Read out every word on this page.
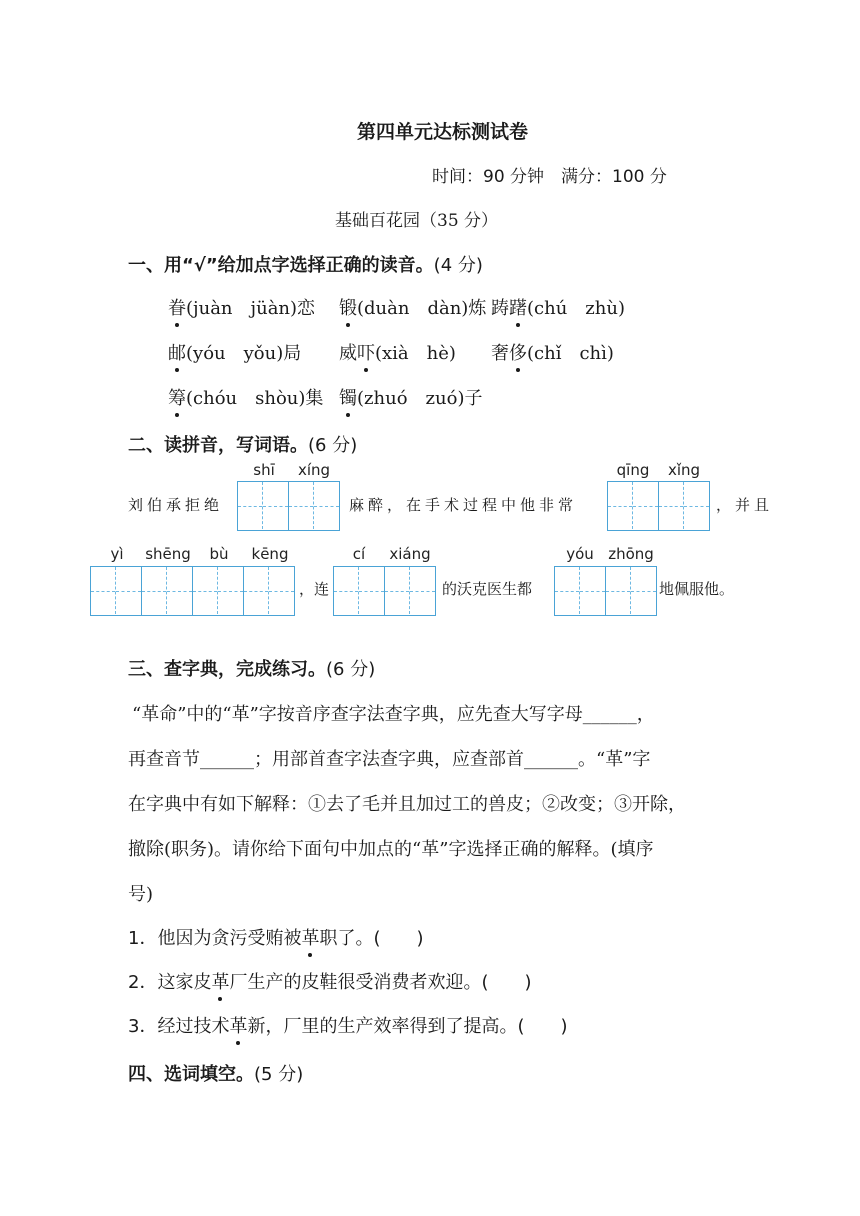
第四单元达标测试卷
时间：90 分钟　满分：100 分
基础百花园（35 分）
一、用“√”给加点字选择正确的读音。(4 分)
眷(juàn　jüàn)恋 锻(duàn　dàn)炼 踌躇(chú　zhù)
邮(yóu　yǒu)局 威吓(xià　hè) 奢侈(chǐ　chì)
筹(chóu　shòu)集 镯(zhuó　zuó)子
二、读拼音，写词语。(6 分)
shī	xíng	qīng	xǐng
刘伯承拒绝	麻醉，在手术过程中他非常	，并且
yì	shēng	bù	kēng	cí	xiáng	yóu zhōng
，连	的沃克医生都	地佩服他。
三、查字典，完成练习。(6 分)
“革命”中的“革”字按音序查字法查字典，应先查大写字母______，
再查音节______；用部首查字法查字典，应查部首______。“革”字
在字典中有如下解释：①去了毛并且加过工的兽皮；②改变；③开除，
撤除(职务)。请你给下面句中加点的“革”字选择正确的解释。(填序
号)
1．他因为贪污受贿被革职了。(　　)
2．这家皮革厂生产的皮鞋很受消费者欢迎。(　　)
3．经过技术革新，厂里的生产效率得到了提高。(　　)
四、选词填空。(5 分)
